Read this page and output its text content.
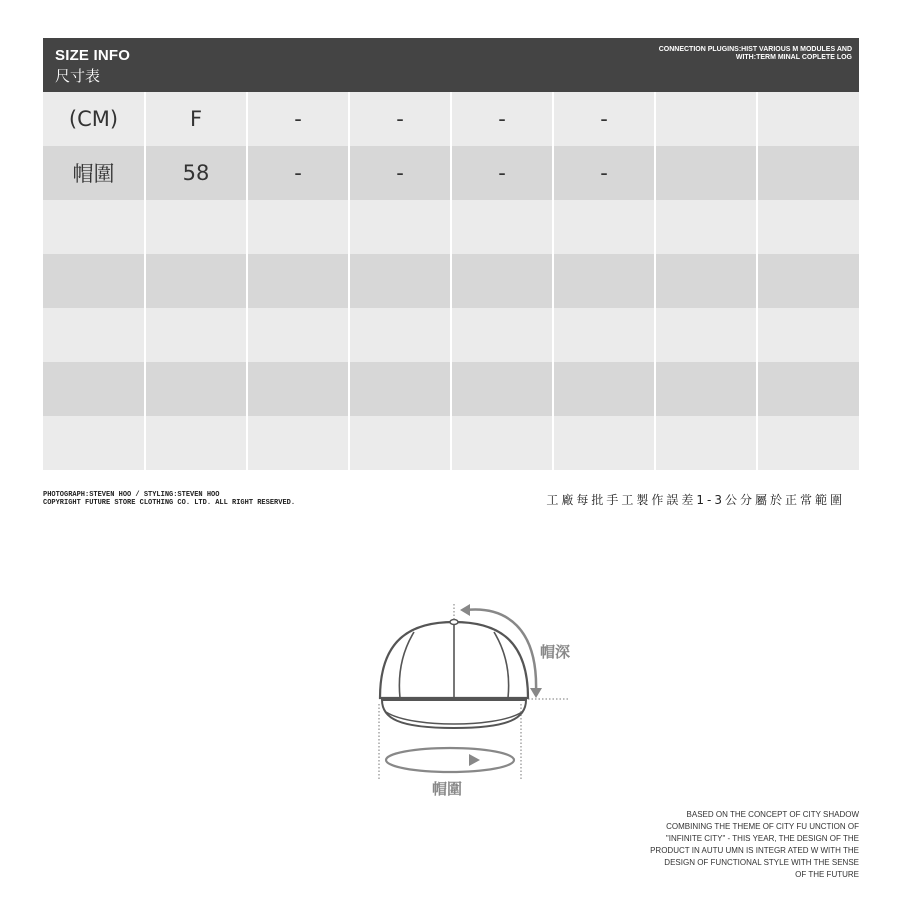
SIZE INFO
尺寸表
CONNECTION PLUGINS:HIST VARIOUS M MODULES AND
WITH:TERM MINAL COPLETE LOG
(CM)	F	-	-	-	-		
帽圍	58	-	-	-	-		

PHOTOGRAPH:STEVEN HOO / STYLING:STEVEN HOO
COPYRIGHT FUTURE STORE CLOTHING CO. LTD. ALL RIGHT RESERVED.	工廠每批手工製作誤差1-3公分屬於正常範圍
帽深
帽圍
BASED ON THE CONCEPT OF CITY SHADOW
COMBINING THE THEME OF CITY FU UNCTION OF
"INFINITE CITY" - THIS YEAR, THE DESIGN OF THE
PRODUCT IN AUTU UMN IS INTEGR ATED W WITH THE
DESIGN OF FUNCTIONAL STYLE WITH THE SENSE
OF THE FUTURE
